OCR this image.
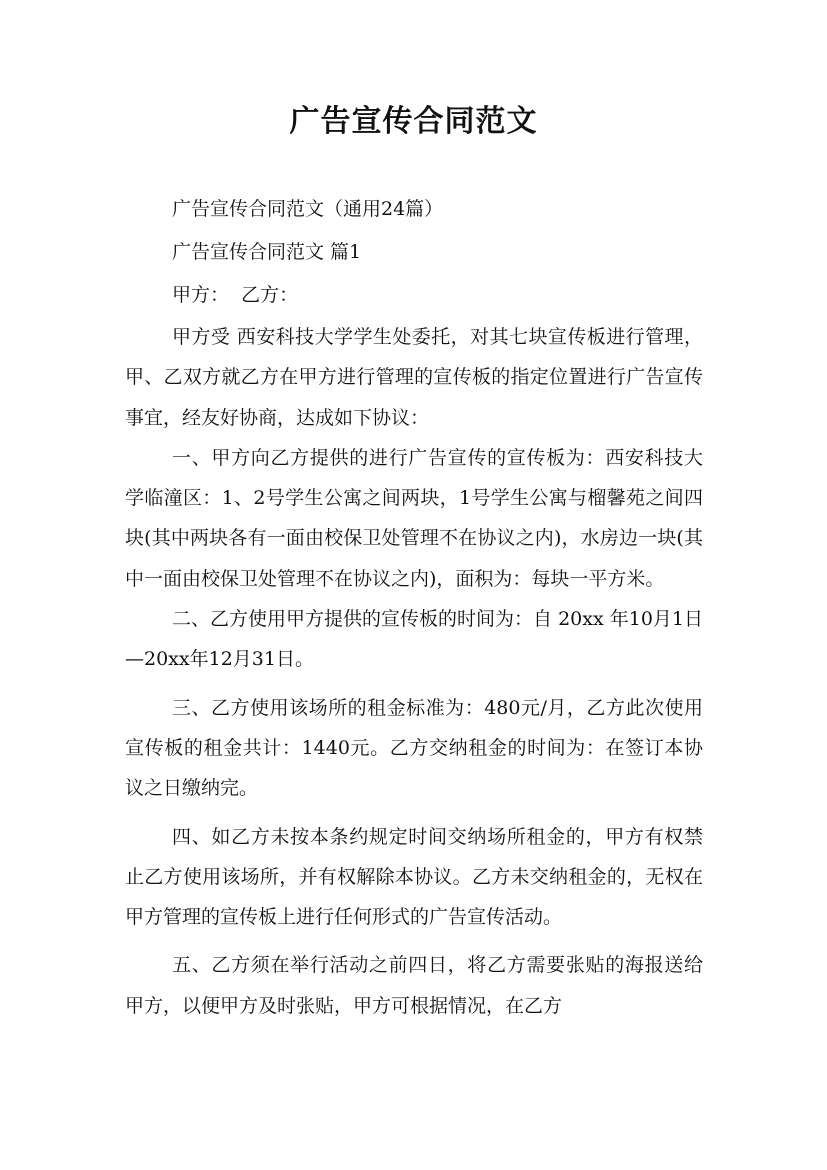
广告宣传合同范文

广告宣传合同范文（通用24篇）

广告宣传合同范文 篇1

甲方：  乙方：

甲方受 西安科技大学学生处委托，对其七块宣传板进行管理，甲、乙双方就乙方在甲方进行管理的宣传板的指定位置进行广告宣传事宜，经友好协商，达成如下协议：

一、甲方向乙方提供的进行广告宣传的宣传板为：西安科技大学临潼区：1、2号学生公寓之间两块，1号学生公寓与榴馨苑之间四块(其中两块各有一面由校保卫处管理不在协议之内)，水房边一块(其中一面由校保卫处管理不在协议之内)，面积为：每块一平方米。

二、乙方使用甲方提供的宣传板的时间为：自 20xx 年10月1日—20xx年12月31日。

三、乙方使用该场所的租金标准为：480元/月，乙方此次使用宣传板的租金共计：1440元。乙方交纳租金的时间为：在签订本协议之日缴纳完。

四、如乙方未按本条约规定时间交纳场所租金的，甲方有权禁止乙方使用该场所，并有权解除本协议。乙方未交纳租金的，无权在甲方管理的宣传板上进行任何形式的广告宣传活动。

五、乙方须在举行活动之前四日，将乙方需要张贴的海报送给甲方，以便甲方及时张贴，甲方可根据情况，在乙方
